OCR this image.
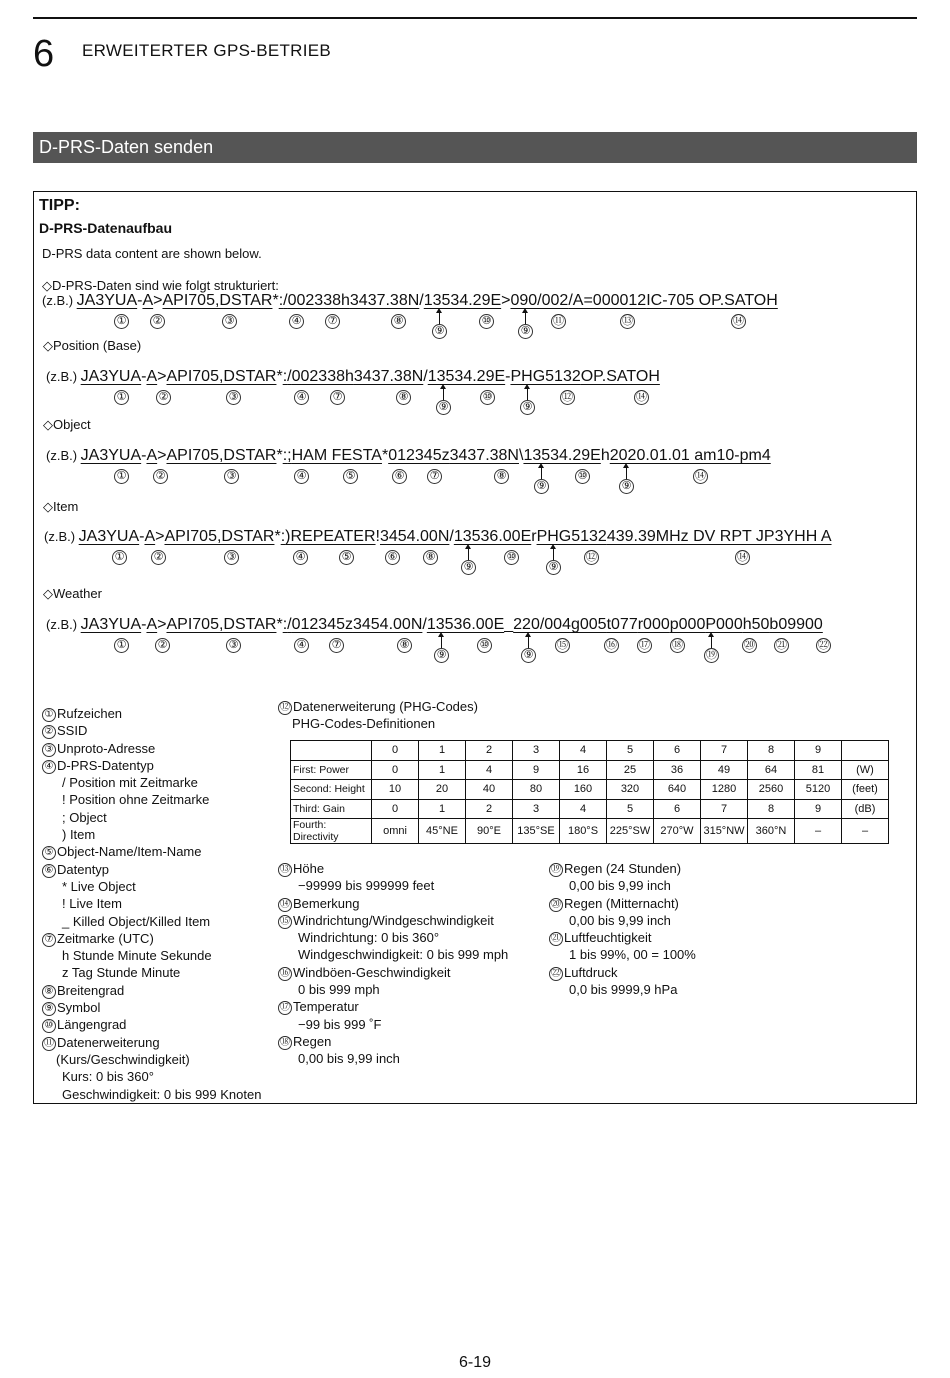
6 ERWEITERTER GPS-BETRIEB
D-PRS-Daten senden
TIPP:
D-PRS-Datenaufbau
D-PRS data content are shown below.
◇D-PRS-Daten sind wie folgt strukturiert:
(z.B.) JA3YUA-A>API705,DSTAR*:/002338h3437.38N/13534.29E>090/002/A=000012IC-705 OP.SATOH
① ②	③	④ ⑦	⑧
⑨
⑩
⑨
⑪	⑬	⑭
◇Position (Base)
(z.B.) JA3YUA-A>API705,DSTAR*:/002338h3437.38N/13534.29E-PHG5132OP.SATOH
①	②	③	④ ⑦	⑧
⑨
⑩
⑨
⑫	⑭
◇Object
(z.B.) JA3YUA-A>API705,DSTAR*:;HAM FESTA*012345z3437.38N\13534.29Eh2020.01.01 am10-pm4
①	②	③	④	⑤	⑥ ⑦	⑧
⑨
⑩
⑨
⑭
◇Item
(z.B.) JA3YUA-A>API705,DSTAR*:)REPEATER!3454.00N/13536.00ErPHG5132439.39MHz DV RPT JP3YHH A
①	②	③	④	⑤	⑥	⑧
⑨
⑩
⑨
⑫	⑭
◇Weather
(z.B.) JA3YUA-A>API705,DSTAR*:/012345z3454.00N/13536.00E_220/004g005t077r000p000P000h50b09900
①	②	③	④ ⑦	⑧
⑨
⑩
⑨
⑮	⑯ ⑰ ⑱
⑲
⑳ ㉑	㉒
① Rufzeichen
② SSID
③ Unproto-Adresse
④ D-PRS-Datentyp
/ Position mit Zeitmarke
! Position ohne Zeitmarke
; Object
) Item
⑤ Object-Name/Item-Name
⑥ Datentyp
* Live Object
! Live Item
_ Killed Object/Killed Item
⑦ Zeitmarke (UTC)
h Stunde Minute Sekunde
z Tag Stunde Minute
⑧ Breitengrad
⑨ Symbol
⑩ Längengrad
⑪ Datenerweiterung
(Kurs/Geschwindigkeit)
Kurs: 0 bis 360°
Geschwindigkeit: 0 bis 999 Knoten
⑫ Datenerweiterung (PHG-Codes)
PHG-Codes-Definitionen
	0	1	2	3	4	5	6	7	8	9	
First: Power	0	1	4	9	16	25	36	49	64	81	(W)
Second: Height	10	20	40	80	160	320	640	1280	2560	5120	(feet)
Third: Gain	0	1	2	3	4	5	6	7	8	9	(dB)
Fourth: Directivity	omni	45°NE	90°E	135°SE	180°S	225°SW	270°W	315°NW	360°N	–	–
⑬ Höhe
−99999 bis 999999 feet
⑭ Bemerkung
⑮ Windrichtung/Windgeschwindigkeit
Windrichtung: 0 bis 360°
Windgeschwindigkeit: 0 bis 999 mph
⑯ Windböen-Geschwindigkeit
0 bis 999 mph
⑰ Temperatur
−99 bis 999 ˚F
⑱ Regen
0,00 bis 9,99 inch
⑲ Regen (24 Stunden)
0,00 bis 9,99 inch
⑳ Regen (Mitternacht)
0,00 bis 9,99 inch
㉑ Luftfeuchtigkeit
1 bis 99%, 00 = 100%
㉒ Luftdruck
0,0 bis 9999,9 hPa
6-19
